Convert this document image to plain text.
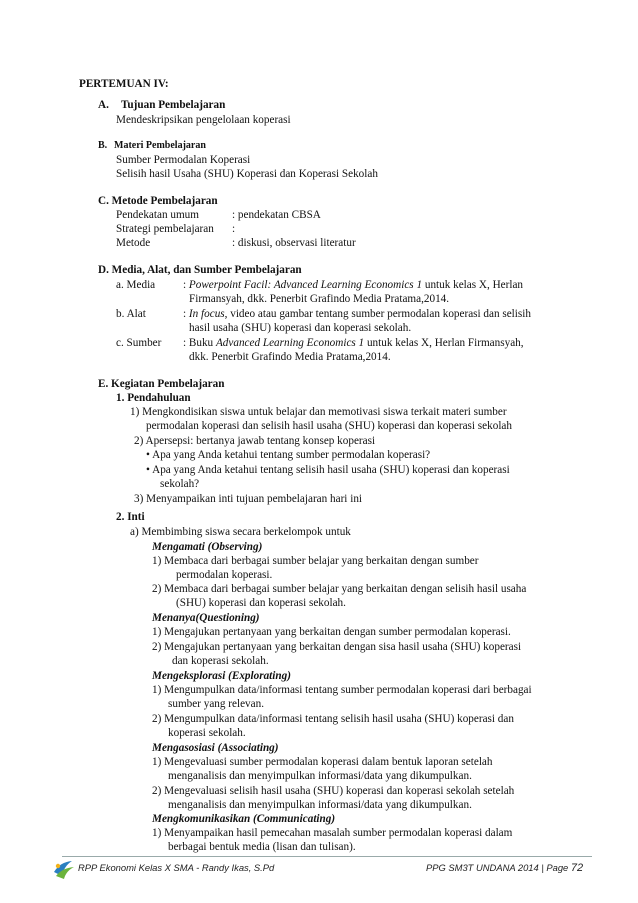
PERTEMUAN IV:
A. Tujuan Pembelajaran
Mendeskripsikan pengelolaan koperasi
B. Materi Pembelajaran
Sumber Permodalan Koperasi
Selisih hasil Usaha (SHU) Koperasi dan Koperasi Sekolah
C. Metode Pembelajaran
Pendekatan umum	: pendekatan CBSA
Strategi pembelajaran :
Metode	: diskusi, observasi literatur
D. Media, Alat, dan Sumber Pembelajaran
a. Media : Powerpoint Facil: Advanced Learning Economics 1 untuk kelas X, Herlan
Firmansyah, dkk. Penerbit Grafindo Media Pratama,2014.
b. Alat	: In focus, video atau gambar tentang sumber permodalan koperasi dan selisih
hasil usaha (SHU) koperasi dan koperasi sekolah.
c. Sumber : Buku Advanced Learning Economics 1 untuk kelas X, Herlan Firmansyah,
dkk. Penerbit Grafindo Media Pratama,2014.
E. Kegiatan Pembelajaran
1. Pendahuluan
1) Mengkondisikan siswa untuk belajar dan memotivasi siswa terkait materi sumber
permodalan koperasi dan selisih hasil usaha (SHU) koperasi dan koperasi sekolah
2) Apersepsi: bertanya jawab tentang konsep koperasi
• Apa yang Anda ketahui tentang sumber permodalan koperasi?
• Apa yang Anda ketahui tentang selisih hasil usaha (SHU) koperasi dan koperasi
sekolah?
3) Menyampaikan inti tujuan pembelajaran hari ini
2. Inti
a) Membimbing siswa secara berkelompok untuk
Mengamati (Observing)
1) Membaca dari berbagai sumber belajar yang berkaitan dengan sumber
permodalan koperasi.
2) Membaca dari berbagai sumber belajar yang berkaitan dengan selisih hasil usaha
(SHU) koperasi dan koperasi sekolah.
Menanya(Questioning)
1) Mengajukan pertanyaan yang berkaitan dengan sumber permodalan koperasi.
2) Mengajukan pertanyaan yang berkaitan dengan sisa hasil usaha (SHU) koperasi
dan koperasi sekolah.
Mengeksplorasi (Explorating)
1) Mengumpulkan data/informasi tentang sumber permodalan koperasi dari berbagai
sumber yang relevan.
2) Mengumpulkan data/informasi tentang selisih hasil usaha (SHU) koperasi dan
koperasi sekolah.
Mengasosiasi (Associating)
1) Mengevaluasi sumber permodalan koperasi dalam bentuk laporan setelah
menganalisis dan menyimpulkan informasi/data yang dikumpulkan.
2) Mengevaluasi selisih hasil usaha (SHU) koperasi dan koperasi sekolah setelah
menganalisis dan menyimpulkan informasi/data yang dikumpulkan.
Mengkomunikasikan (Communicating)
1) Menyampaikan hasil pemecahan masalah sumber permodalan koperasi dalam
berbagai bentuk media (lisan dan tulisan).
RPP Ekonomi Kelas X SMA - Randy Ikas, S.Pd	PPG SM3T UNDANA 2014 | Page 72
